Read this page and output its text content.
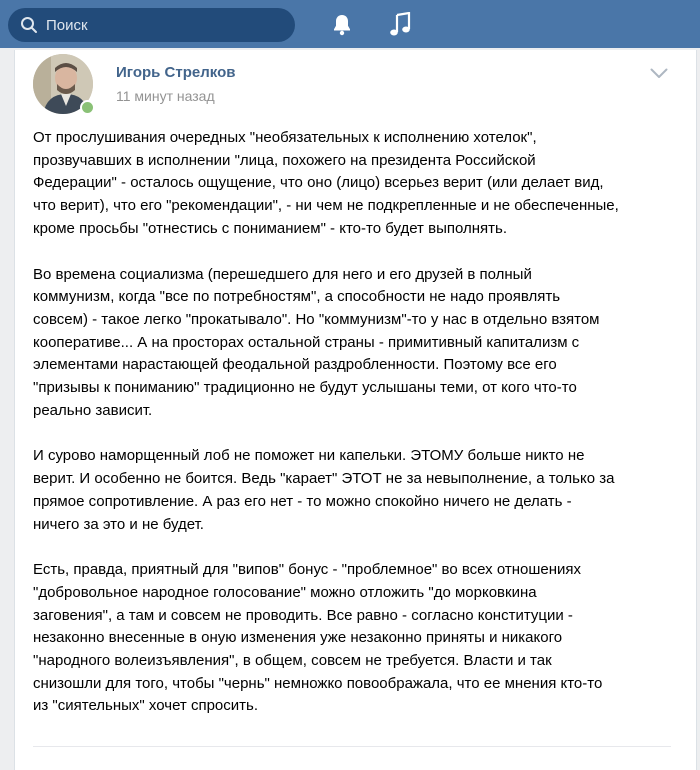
Поиск
Игорь Стрелков
11 минут назад

От прослушивания очередных "необязательных к исполнению хотелок",
прозвучавших в исполнении "лица, похожего на президента Российской
Федерации" - осталось ощущение, что оно (лицо) всерьез верит (или делает вид,
что верит), что его "рекомендации", - ни чем не подкрепленные и не обеспеченные,
кроме просьбы "отнестись с пониманием" - кто-то будет выполнять.

Во времена социализма (перешедшего для него и его друзей в полный
коммунизм, когда "все по потребностям", а способности не надо проявлять
совсем) - такое легко "прокатывало". Но "коммунизм"-то у нас в отдельно взятом
кооперативе... А на просторах остальной страны - примитивный капитализм с
элементами нарастающей феодальной раздробленности. Поэтому все его
"призывы к пониманию" традиционно не будут услышаны теми, от кого что-то
реально зависит.

И сурово наморщенный лоб не поможет ни капельки. ЭТОМУ больше никто не
верит. И особенно не боится. Ведь "карает" ЭТОТ не за невыполнение, а только за
прямое сопротивление. А раз его нет - то можно спокойно ничего не делать -
ничего за это и не будет.

Есть, правда, приятный для "випов" бонус - "проблемное" во всех отношениях
"добровольное народное голосование" можно отложить "до морковкина
заговения", а там и совсем не проводить. Все равно - согласно конституции -
незаконно внесенные в оную изменения уже незаконно приняты и никакого
"народного волеизъявления", в общем, совсем не требуется. Власти и так
снизошли для того, чтобы "чернь" немножко повоображала, что ее мнения кто-то
из "сиятельных" хочет спросить.
